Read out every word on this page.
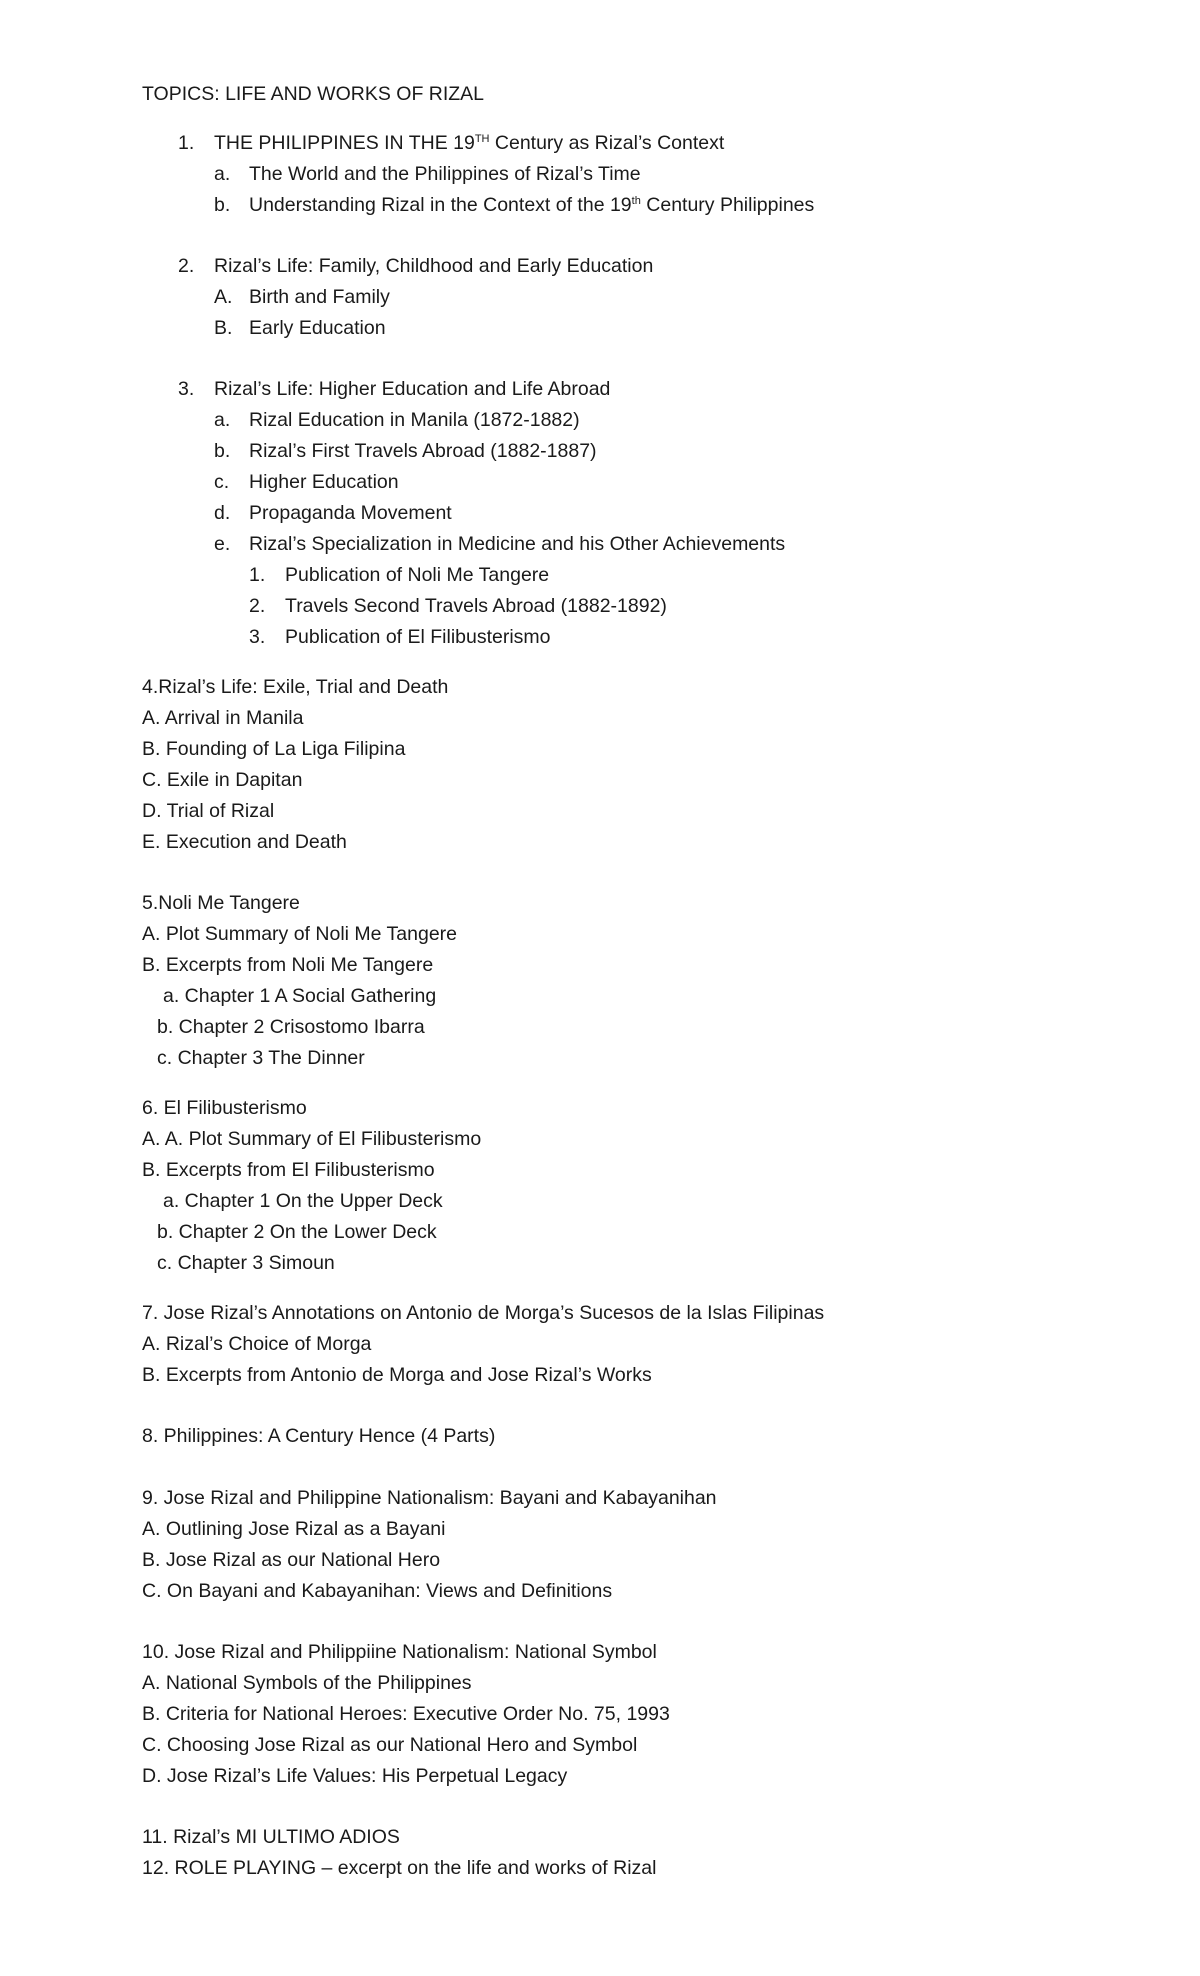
TOPICS: LIFE AND WORKS OF RIZAL
1. THE PHILIPPINES IN THE 19TH Century as Rizal’s Context
a. The World and the Philippines of Rizal’s Time
b. Understanding Rizal in the Context of the 19th Century Philippines
2. Rizal’s Life: Family, Childhood and Early Education
A. Birth and Family
B. Early Education
3. Rizal’s Life: Higher Education and Life Abroad
a. Rizal Education in Manila (1872-1882)
b. Rizal’s First Travels Abroad (1882-1887)
c. Higher Education
d. Propaganda Movement
e. Rizal’s Specialization in Medicine and his Other Achievements
1. Publication of Noli Me Tangere
2. Travels Second Travels Abroad (1882-1892)
3. Publication of El Filibusterismo
4.Rizal’s Life: Exile, Trial and Death
A. Arrival in Manila
B. Founding of La Liga Filipina
C. Exile in Dapitan
D. Trial of Rizal
E. Execution and Death
5.Noli Me Tangere
A. Plot Summary of Noli Me Tangere
B. Excerpts from Noli Me Tangere
a. Chapter 1 A Social Gathering
b. Chapter 2 Crisostomo Ibarra
c. Chapter 3 The Dinner
6. El Filibusterismo
A. A. Plot Summary of El Filibusterismo
B. Excerpts from El Filibusterismo
a. Chapter 1 On the Upper Deck
b. Chapter 2 On the Lower Deck
c. Chapter 3 Simoun
7. Jose Rizal’s Annotations on Antonio de Morga’s Sucesos de la Islas Filipinas
A. Rizal’s Choice of Morga
B. Excerpts from Antonio de Morga and Jose Rizal’s Works
8. Philippines: A Century Hence (4 Parts)
9. Jose Rizal and Philippine Nationalism: Bayani and Kabayanihan
A. Outlining Jose Rizal as a Bayani
B. Jose Rizal as our National Hero
C. On Bayani and Kabayanihan: Views and Definitions
10. Jose Rizal and Philippiine Nationalism: National Symbol
A. National Symbols of the Philippines
B. Criteria for National Heroes: Executive Order No. 75, 1993
C. Choosing Jose Rizal as our National Hero and Symbol
D. Jose Rizal’s Life Values: His Perpetual Legacy
11. Rizal’s MI ULTIMO ADIOS
12. ROLE PLAYING – excerpt on the life and works of Rizal
